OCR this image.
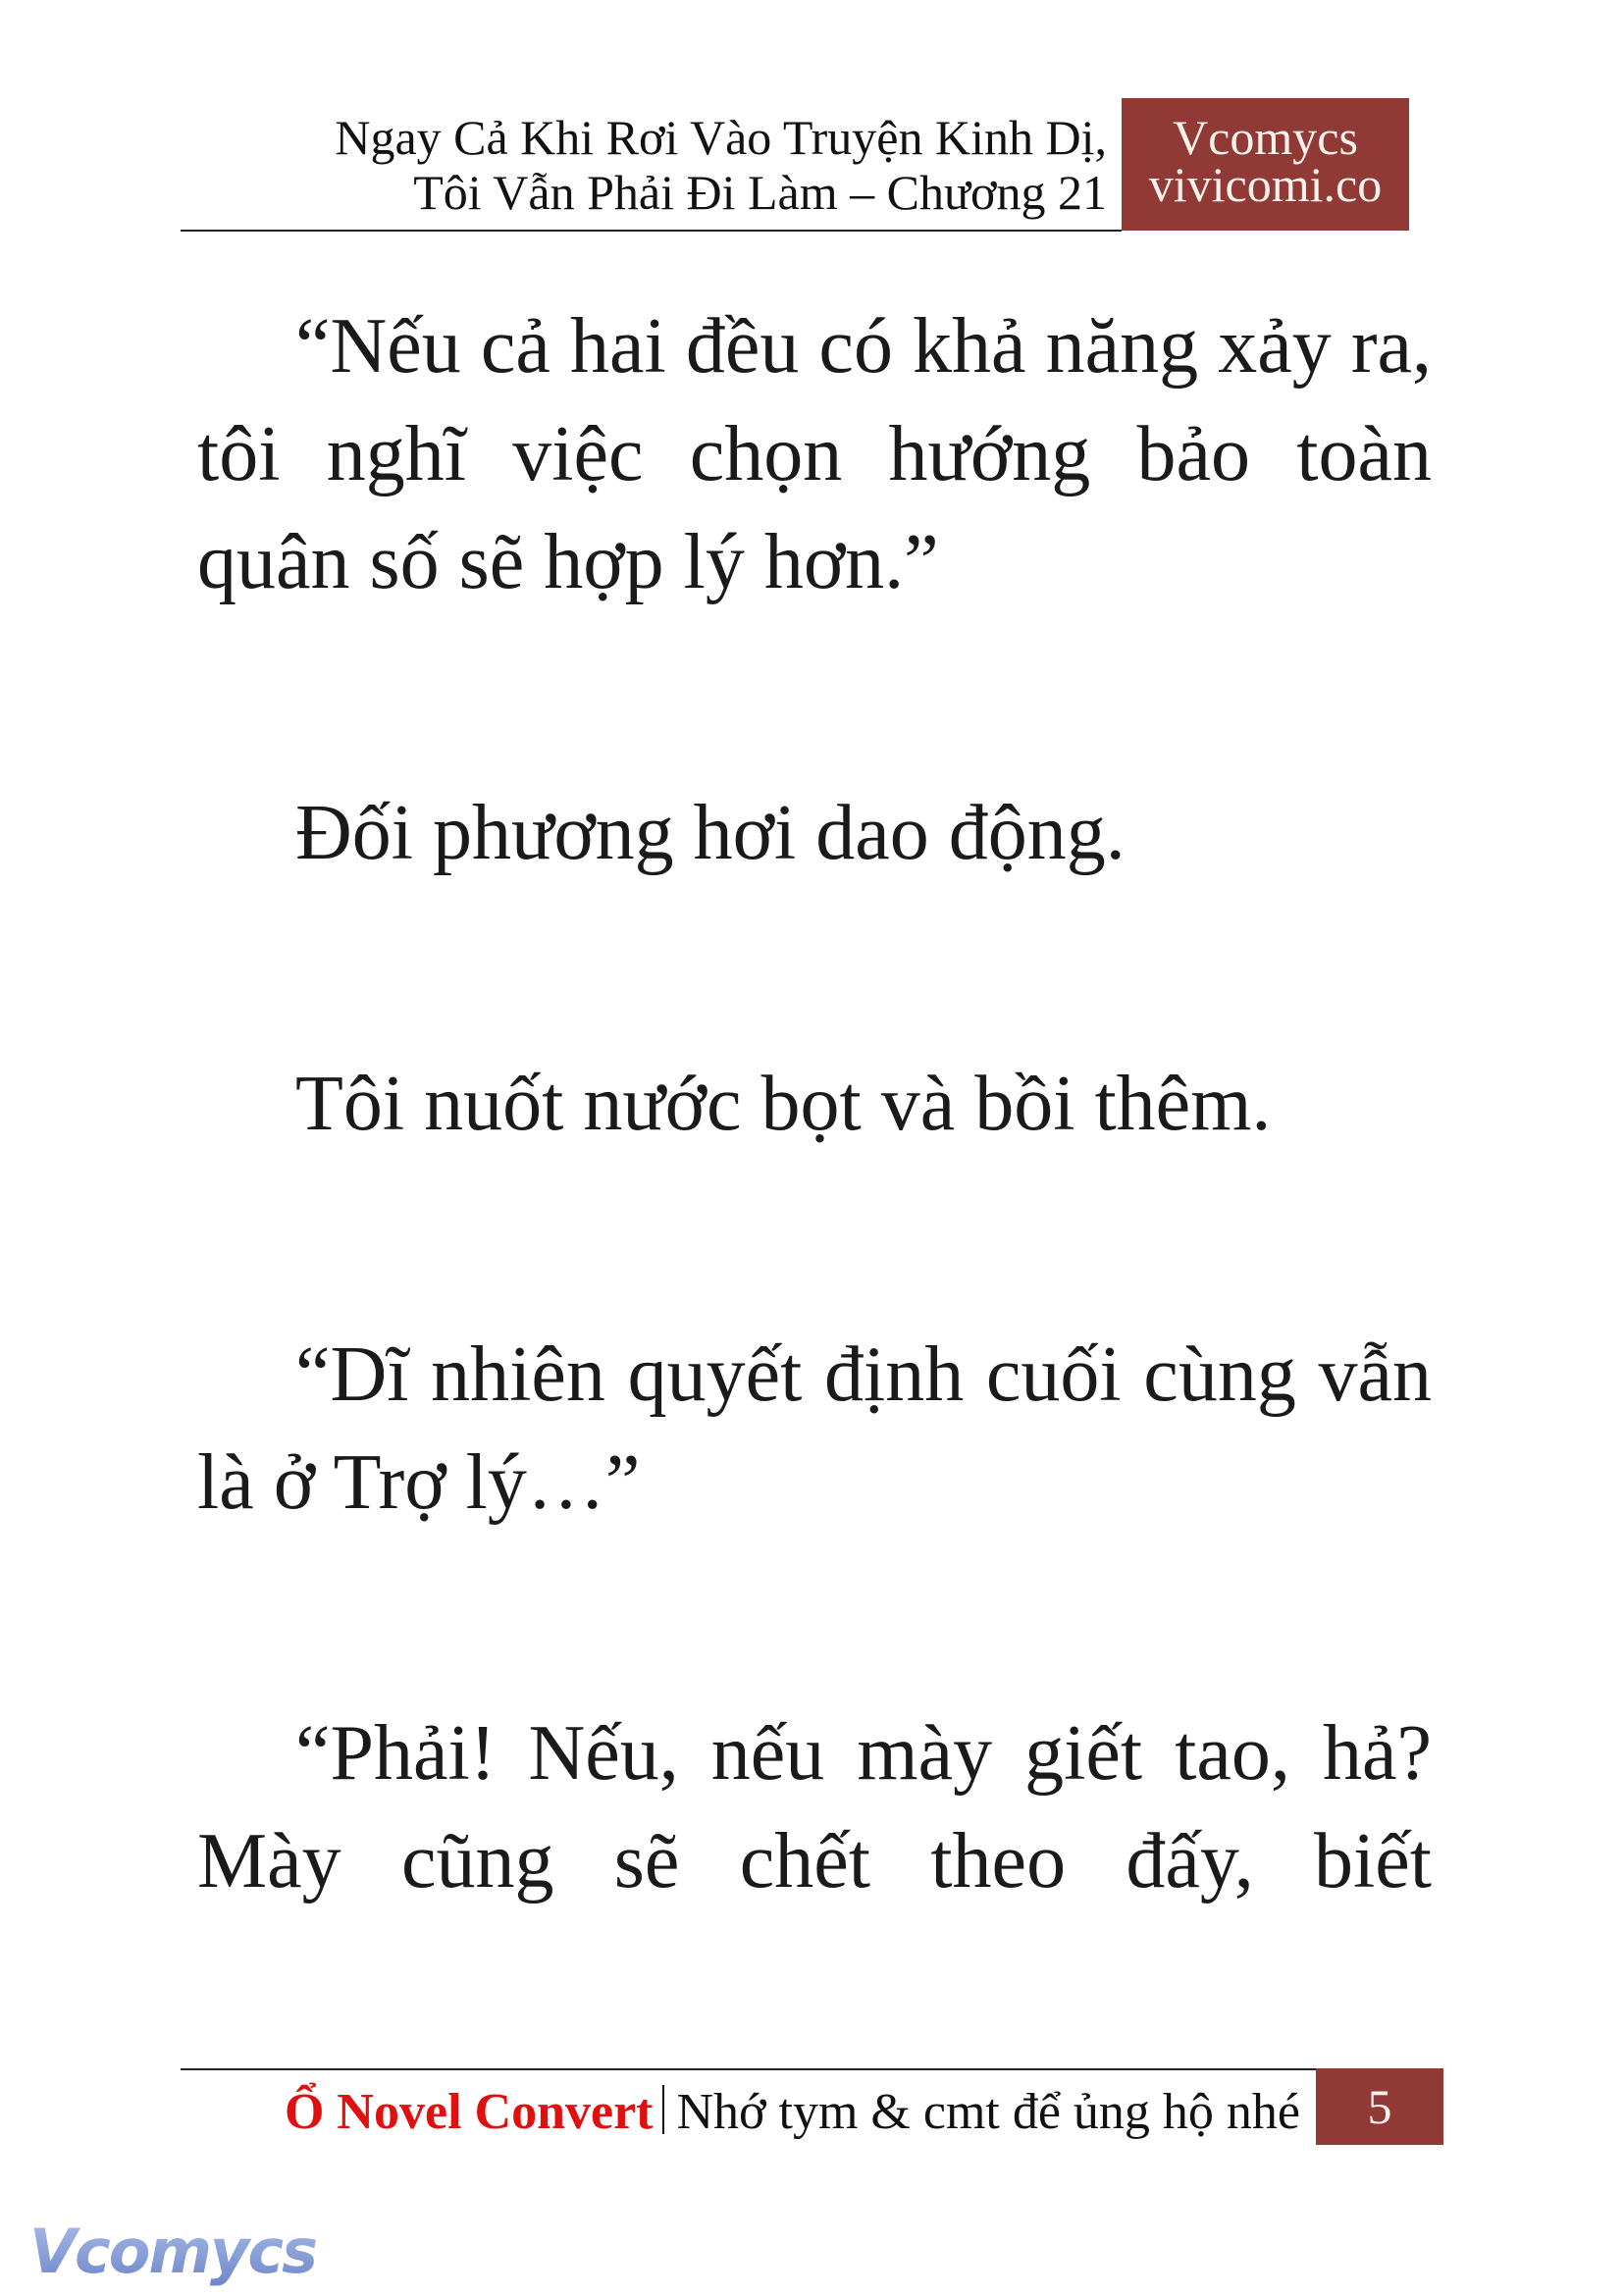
Ngay Cả Khi Rơi Vào Truyện Kinh Dị,
Tôi Vẫn Phải Đi Làm – Chương 21
Vcomycs
vivicomi.co

“Nếu cả hai đều có khả năng xảy ra, tôi nghĩ việc chọn hướng bảo toàn quân số sẽ hợp lý hơn.”

Đối phương hơi dao động.

Tôi nuốt nước bọt và bồi thêm.

“Dĩ nhiên quyết định cuối cùng vẫn là ở Trợ lý…”

“Phải! Nếu, nếu mày giết tao, hả? Mày cũng sẽ chết theo đấy, biết

Ổ Novel Convert Nhớ tym & cmt để ủng hộ nhé	5
Vcomycs
